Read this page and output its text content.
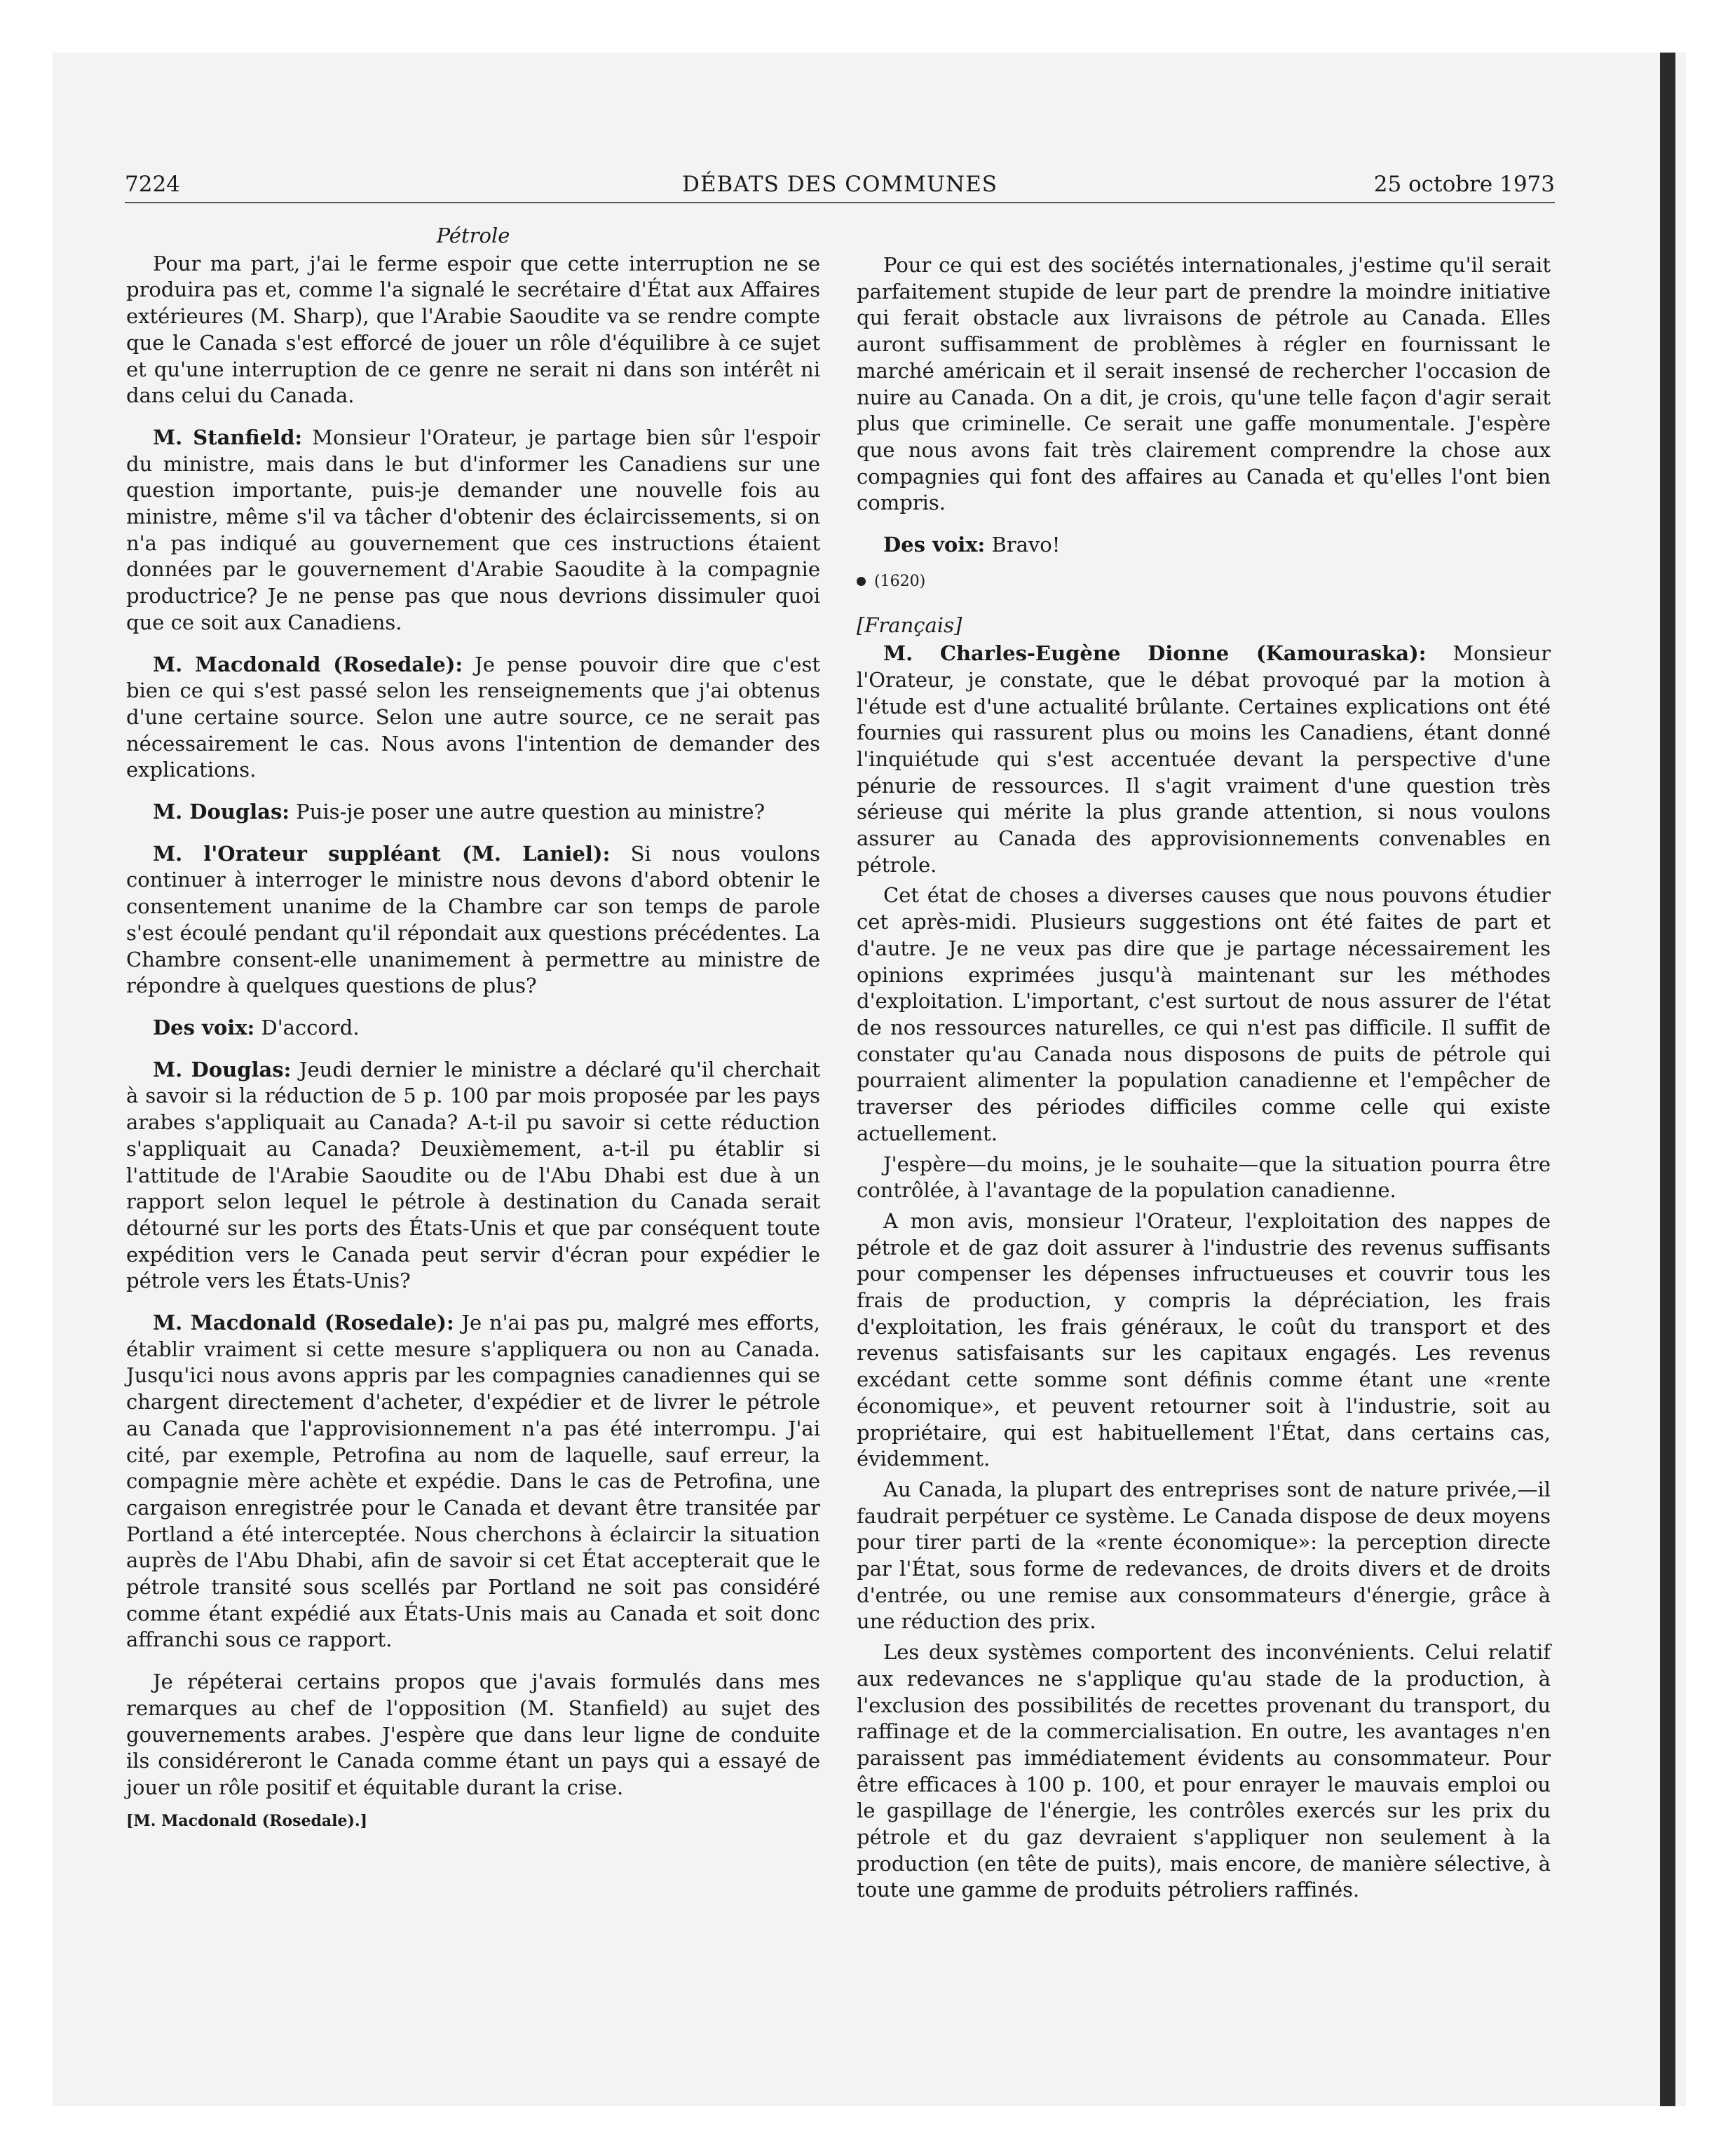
7224	DÉBATS DES COMMUNES	25 octobre 1973
Pétrole

Pour ma part, j'ai le ferme espoir que cette interruption ne se produira pas et, comme l'a signalé le secrétaire d'État aux Affaires extérieures (M. Sharp), que l'Arabie Saoudite va se rendre compte que le Canada s'est efforcé de jouer un rôle d'équilibre à ce sujet et qu'une interruption de ce genre ne serait ni dans son intérêt ni dans celui du Canada.

M. Stanfield: Monsieur l'Orateur, je partage bien sûr l'espoir du ministre, mais dans le but d'informer les Canadiens sur une question importante, puis-je demander une nouvelle fois au ministre, même s'il va tâcher d'obtenir des éclaircissements, si on n'a pas indiqué au gouvernement que ces instructions étaient données par le gouvernement d'Arabie Saoudite à la compagnie productrice? Je ne pense pas que nous devrions dissimuler quoi que ce soit aux Canadiens.

M. Macdonald (Rosedale): Je pense pouvoir dire que c'est bien ce qui s'est passé selon les renseignements que j'ai obtenus d'une certaine source. Selon une autre source, ce ne serait pas nécessairement le cas. Nous avons l'intention de demander des explications.

M. Douglas: Puis-je poser une autre question au ministre?

M. l'Orateur suppléant (M. Laniel): Si nous voulons continuer à interroger le ministre nous devons d'abord obtenir le consentement unanime de la Chambre car son temps de parole s'est écoulé pendant qu'il répondait aux questions précédentes. La Chambre consent-elle unanimement à permettre au ministre de répondre à quelques questions de plus?

Des voix: D'accord.

M. Douglas: Jeudi dernier le ministre a déclaré qu'il cherchait à savoir si la réduction de 5 p. 100 par mois proposée par les pays arabes s'appliquait au Canada? A-t-il pu savoir si cette réduction s'appliquait au Canada? Deuxièmement, a-t-il pu établir si l'attitude de l'Arabie Saoudite ou de l'Abu Dhabi est due à un rapport selon lequel le pétrole à destination du Canada serait détourné sur les ports des États-Unis et que par conséquent toute expédition vers le Canada peut servir d'écran pour expédier le pétrole vers les États-Unis?

M. Macdonald (Rosedale): Je n'ai pas pu, malgré mes efforts, établir vraiment si cette mesure s'appliquera ou non au Canada. Jusqu'ici nous avons appris par les compagnies canadiennes qui se chargent directement d'acheter, d'expédier et de livrer le pétrole au Canada que l'approvisionnement n'a pas été interrompu. J'ai cité, par exemple, Petrofina au nom de laquelle, sauf erreur, la compagnie mère achète et expédie. Dans le cas de Petrofina, une cargaison enregistrée pour le Canada et devant être transitée par Portland a été interceptée. Nous cherchons à éclaircir la situation auprès de l'Abu Dhabi, afin de savoir si cet État accepterait que le pétrole transité sous scellés par Portland ne soit pas considéré comme étant expédié aux États-Unis mais au Canada et soit donc affranchi sous ce rapport.

Je répéterai certains propos que j'avais formulés dans mes remarques au chef de l'opposition (M. Stanfield) au sujet des gouvernements arabes. J'espère que dans leur ligne de conduite ils considéreront le Canada comme étant un pays qui a essayé de jouer un rôle positif et équitable durant la crise.

[M. Macdonald (Rosedale).]

Pour ce qui est des sociétés internationales, j'estime qu'il serait parfaitement stupide de leur part de prendre la moindre initiative qui ferait obstacle aux livraisons de pétrole au Canada. Elles auront suffisamment de problèmes à régler en fournissant le marché américain et il serait insensé de rechercher l'occasion de nuire au Canada. On a dit, je crois, qu'une telle façon d'agir serait plus que criminelle. Ce serait une gaffe monumentale. J'espère que nous avons fait très clairement comprendre la chose aux compagnies qui font des affaires au Canada et qu'elles l'ont bien compris.

Des voix: Bravo!

(1620)

[Français]

M. Charles-Eugène Dionne (Kamouraska): Monsieur l'Orateur, je constate, que le débat provoqué par la motion à l'étude est d'une actualité brûlante. Certaines explications ont été fournies qui rassurent plus ou moins les Canadiens, étant donné l'inquiétude qui s'est accentuée devant la perspective d'une pénurie de ressources. Il s'agit vraiment d'une question très sérieuse qui mérite la plus grande attention, si nous voulons assurer au Canada des approvisionnements convenables en pétrole.

Cet état de choses a diverses causes que nous pouvons étudier cet après-midi. Plusieurs suggestions ont été faites de part et d'autre. Je ne veux pas dire que je partage nécessairement les opinions exprimées jusqu'à maintenant sur les méthodes d'exploitation. L'important, c'est surtout de nous assurer de l'état de nos ressources naturelles, ce qui n'est pas difficile. Il suffit de constater qu'au Canada nous disposons de puits de pétrole qui pourraient alimenter la population canadienne et l'empêcher de traverser des périodes difficiles comme celle qui existe actuellement.

J'espère—du moins, je le souhaite—que la situation pourra être contrôlée, à l'avantage de la population canadienne.

A mon avis, monsieur l'Orateur, l'exploitation des nappes de pétrole et de gaz doit assurer à l'industrie des revenus suffisants pour compenser les dépenses infructueuses et couvrir tous les frais de production, y compris la dépréciation, les frais d'exploitation, les frais généraux, le coût du transport et des revenus satisfaisants sur les capitaux engagés. Les revenus excédant cette somme sont définis comme étant une «rente économique», et peuvent retourner soit à l'industrie, soit au propriétaire, qui est habituellement l'État, dans certains cas, évidemment.

Au Canada, la plupart des entreprises sont de nature privée,—il faudrait perpétuer ce système. Le Canada dispose de deux moyens pour tirer parti de la «rente économique»: la perception directe par l'État, sous forme de redevances, de droits divers et de droits d'entrée, ou une remise aux consommateurs d'énergie, grâce à une réduction des prix.

Les deux systèmes comportent des inconvénients. Celui relatif aux redevances ne s'applique qu'au stade de la production, à l'exclusion des possibilités de recettes provenant du transport, du raffinage et de la commercialisation. En outre, les avantages n'en paraissent pas immédiatement évidents au consommateur. Pour être efficaces à 100 p. 100, et pour enrayer le mauvais emploi ou le gaspillage de l'énergie, les contrôles exercés sur les prix du pétrole et du gaz devraient s'appliquer non seulement à la production (en tête de puits), mais encore, de manière sélective, à toute une gamme de produits pétroliers raffinés.
